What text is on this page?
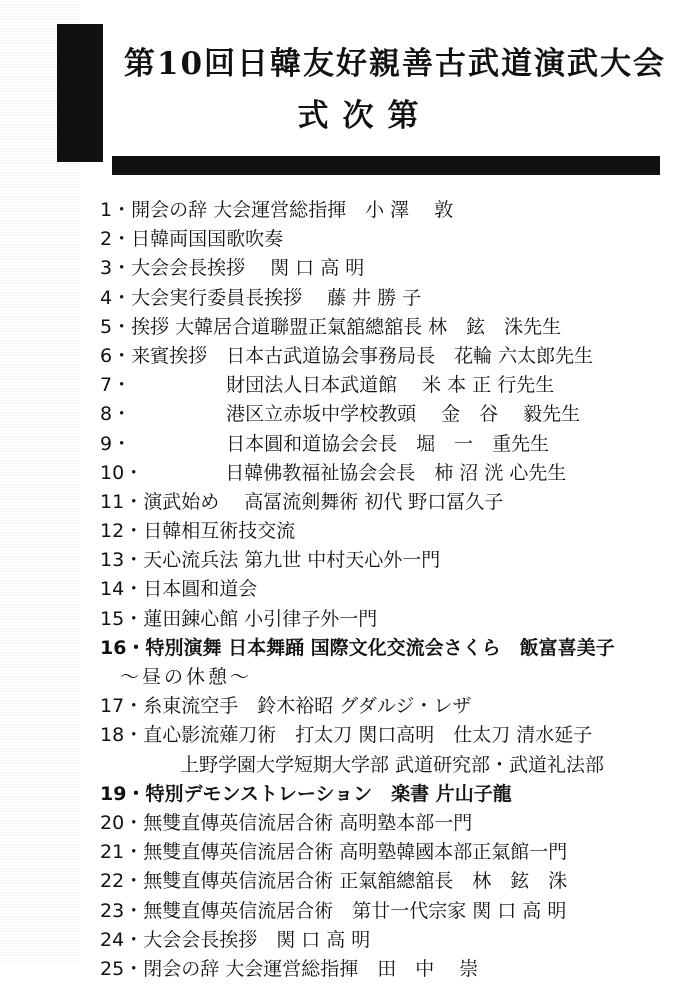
第10回日韓友好親善古武道演武大会
式次第
1 ・開会の辞 大会運営総指揮　小 澤　 敦
2 ・日韓両国国歌吹奏
3 ・大会会長挨拶　 関 口 高 明
4 ・大会実行委員長挨拶　 藤 井 勝 子
5 ・挨拶 大韓居合道聯盟正氣舘總舘長 林　鉉　洙先生
6 ・来賓挨拶　日本古武道協会事務局長　花輪 六太郎先生
7 ・　　　　　財団法人日本武道館　 米 本 正 行先生
8 ・　　　　　港区立赤坂中学校教頭　 金　谷　 毅先生
9 ・　　　　　日本圓和道協会会長　堀　一　重先生
10 ・　　　　 日韓佛教福祉協会会長　柿 沼 洸 心先生
11 ・演武始め　 高冨流剣舞術 初代 野口冨久子
12 ・日韓相互術技交流
13 ・天心流兵法 第九世 中村天心外一門
14 ・日本圓和道会
15 ・蓮田錬心館 小引律子外一門
16 ・特別演舞 日本舞踊 国際文化交流会さくら　飯富喜美子
～昼の休憩～
17 ・糸東流空手　鈴木裕昭 グダルジ・レザ
18 ・直心影流薙刀術　打太刀 関口高明　仕太刀 清水延子
上野学園大学短期大学部 武道研究部・武道礼法部
19 ・特別デモンストレーション　楽書 片山子龍
20 ・無雙直傳英信流居合術 高明塾本部一門
21 ・無雙直傳英信流居合術 高明塾韓國本部正氣館一門
22 ・無雙直傳英信流居合術 正氣舘總舘長　林　鉉　洙
23 ・無雙直傳英信流居合術　第廿一代宗家 関 口 高 明
24 ・大会会長挨拶　関 口 高 明
25 ・閉会の辞 大会運営総指揮　田　中　 崇
